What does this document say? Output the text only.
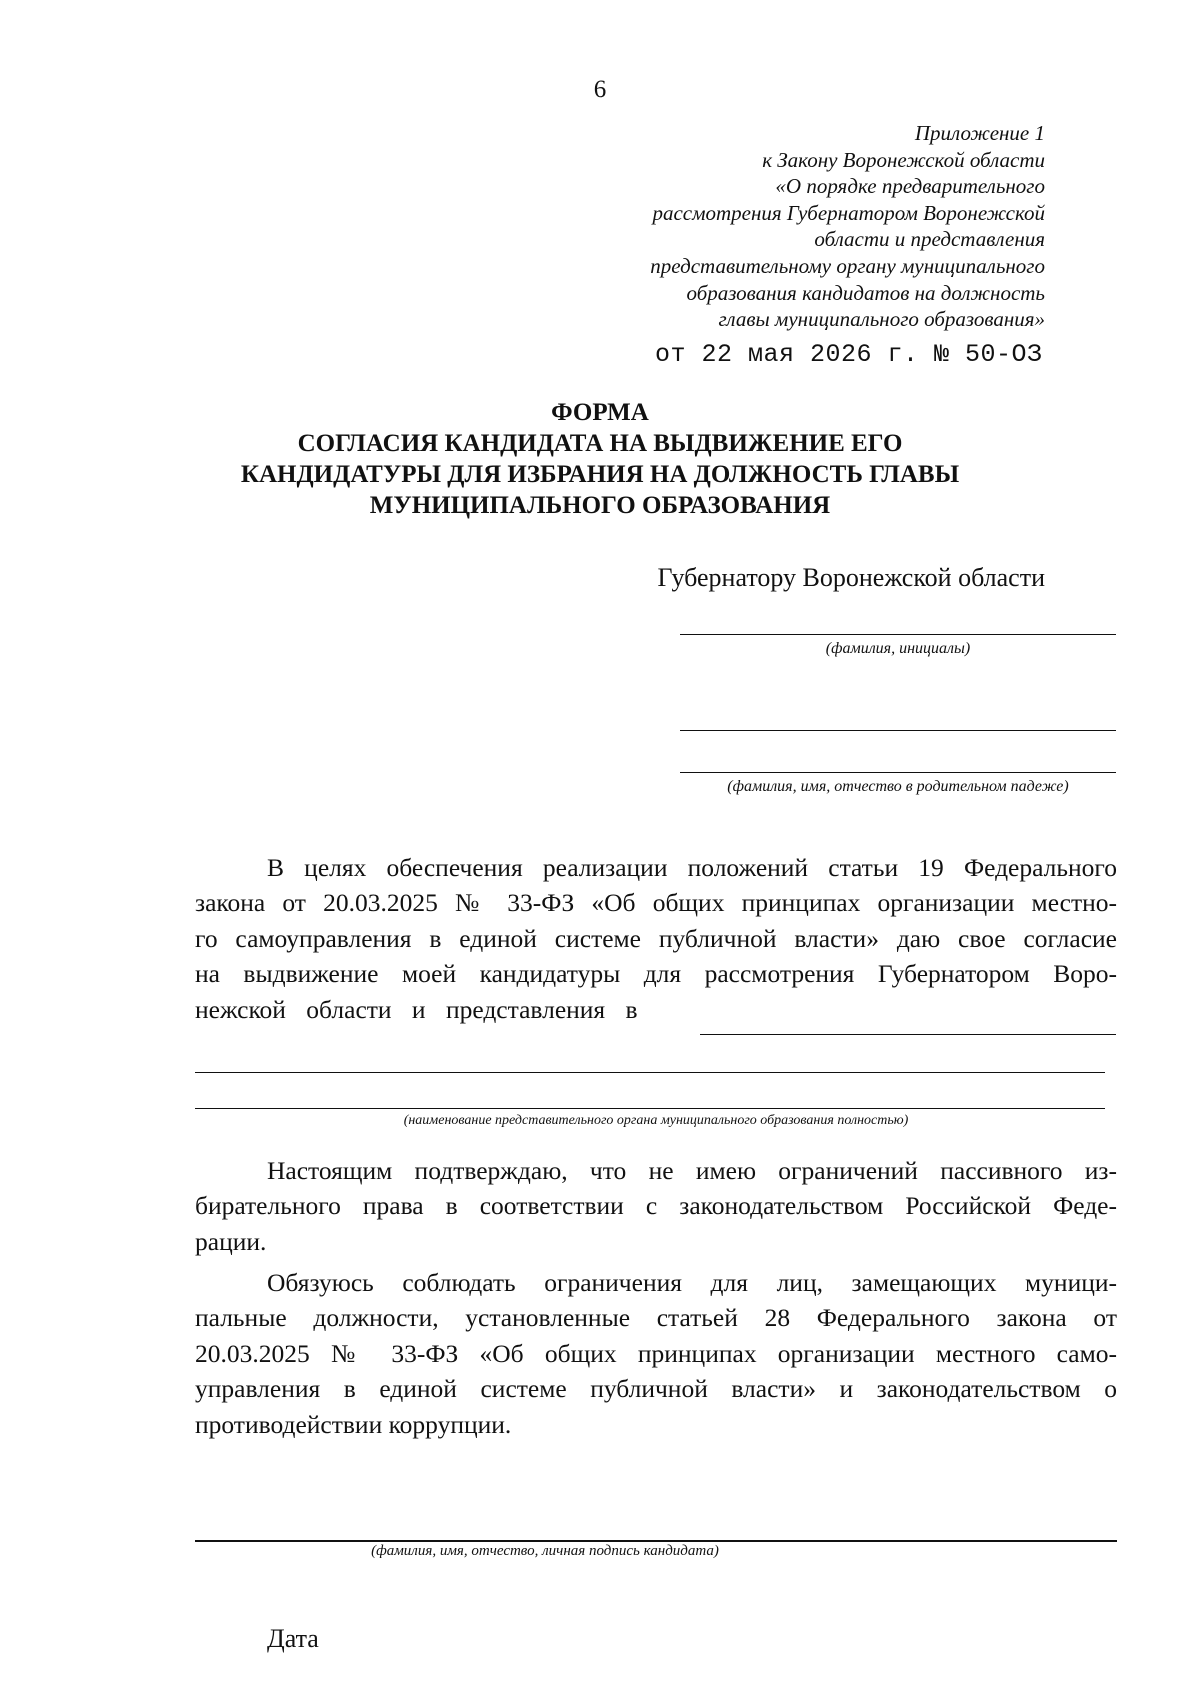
6
Приложение 1
к Закону Воронежской области
«О порядке предварительного
рассмотрения Губернатором Воронежской
области и представления
представительному органу муниципального
образования кандидатов на должность
главы муниципального образования»
от 22 мая 2026 г. № 50-ОЗ
ФОРМА
СОГЛАСИЯ КАНДИДАТА НА ВЫДВИЖЕНИЕ ЕГО
КАНДИДАТУРЫ ДЛЯ ИЗБРАНИЯ НА ДОЛЖНОСТЬ ГЛАВЫ
МУНИЦИПАЛЬНОГО ОБРАЗОВАНИЯ
Губернатору Воронежской области
(фамилия, инициалы)
(фамилия, имя, отчество в родительном падеже)
В целях обеспечения реализации положений статьи 19 Федерального
закона от 20.03.2025 № 33-ФЗ «Об общих принципах организации местно-
го самоуправления в единой системе публичной власти» даю свое согласие
на выдвижение моей кандидатуры для рассмотрения Губернатором Воро-
нежской области и представления в
(наименование представительного органа муниципального образования полностью)
Настоящим подтверждаю, что не имею ограничений пассивного из-
бирательного права в соответствии с законодательством Российской Феде-
рации.
Обязуюсь соблюдать ограничения для лиц, замещающих муници-
пальные должности, установленные статьей 28 Федерального закона от
20.03.2025 № 33-ФЗ «Об общих принципах организации местного само-
управления в единой системе публичной власти» и законодательством о
противодействии коррупции.
(фамилия, имя, отчество, личная подпись кандидата)
Дата
